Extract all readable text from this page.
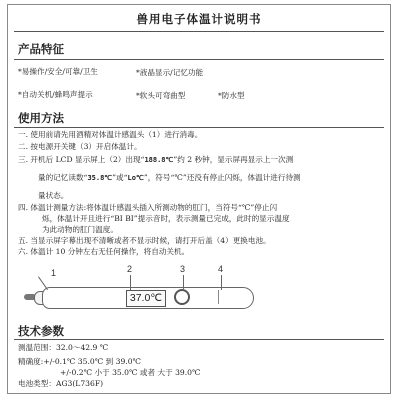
兽用电子体温计说明书
产品特征
*易操作/安全/可靠/卫生	*液晶显示/记忆功能
*自动关机/蜂鸣声提示	*软头可弯曲型	*防水型
使用方法
一. 使用前请先用酒精对体温计感温头（1）进行消毒。
二. 按电源开关键（3）开启体温计。
三. 开机后 LCD 显示屏上（2）出现“188.8℃”约 2 秒钟，显示屏再显示上一次测
量的记忆读数“35.8℃”或“Lo℃”，符号“℃”还没有停止闪烁，体温计进行待测
量状态。
四. 体温计测量方法:将体温计感温头插入所测动物的肛门，当符号“℃”停止闪
烁，体温计开且进行“BI BI”提示音时，表示测量已完成，此时的显示温度
为此动物的肛门温度。
五. 当显示屏字幕出现不清晰或者不显示时候，请打开后盖（4）更换电池。
六. 体温计 10 分钟左右无任何操作，将自动关机。
37.0℃
1	2	3	4
技术参数
测温范围：32.0～42.9 ℃
精确度:+/-0.1℃ 35.0℃ 到 39.0℃
+/-0.2℃ 小于 35.0℃ 或者 大于 39.0℃
电池类型：AG3(L736F)
